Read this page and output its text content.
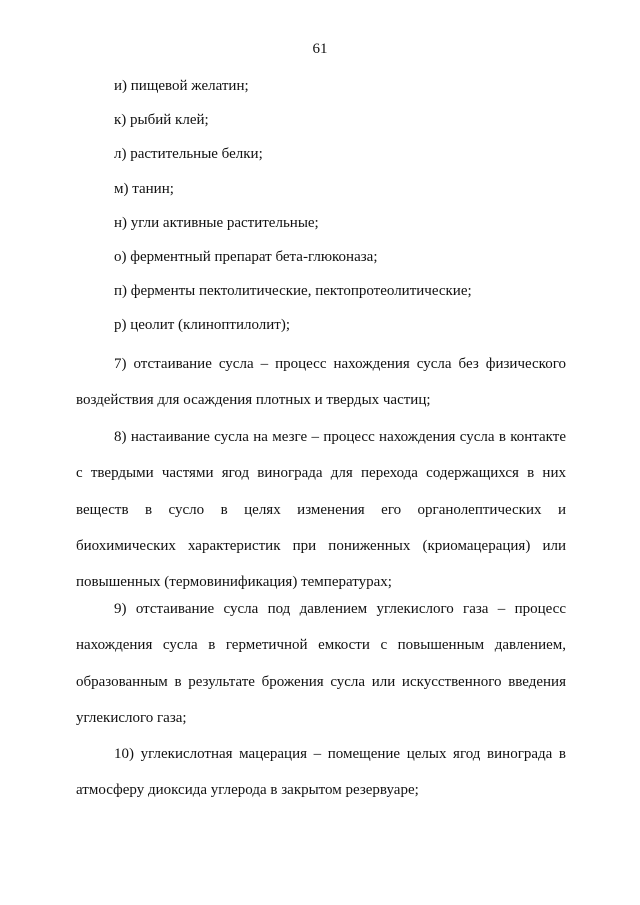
61
и) пищевой желатин;
к) рыбий клей;
л) растительные белки;
м) танин;
н) угли активные растительные;
о) ферментный препарат бета-глюконаза;
п) ферменты пектолитические, пектопротеолитические;
р) цеолит (клиноптилолит);

7) отстаивание сусла – процесс нахождения сусла без физического воздействия для осаждения плотных и твердых частиц;

8) настаивание сусла на мезге – процесс нахождения сусла в контакте с твердыми частями ягод винограда для перехода содержащихся в них веществ в сусло в целях изменения его органолептических и биохимических характеристик при пониженных (криомацерация) или повышенных (термовинификация) температурах;

9) отстаивание сусла под давлением углекислого газа – процесс нахождения сусла в герметичной емкости с повышенным давлением, образованным в результате брожения сусла или искусственного введения углекислого газа;

10) углекислотная мацерация – помещение целых ягод винограда в атмосферу диоксида углерода в закрытом резервуаре;
